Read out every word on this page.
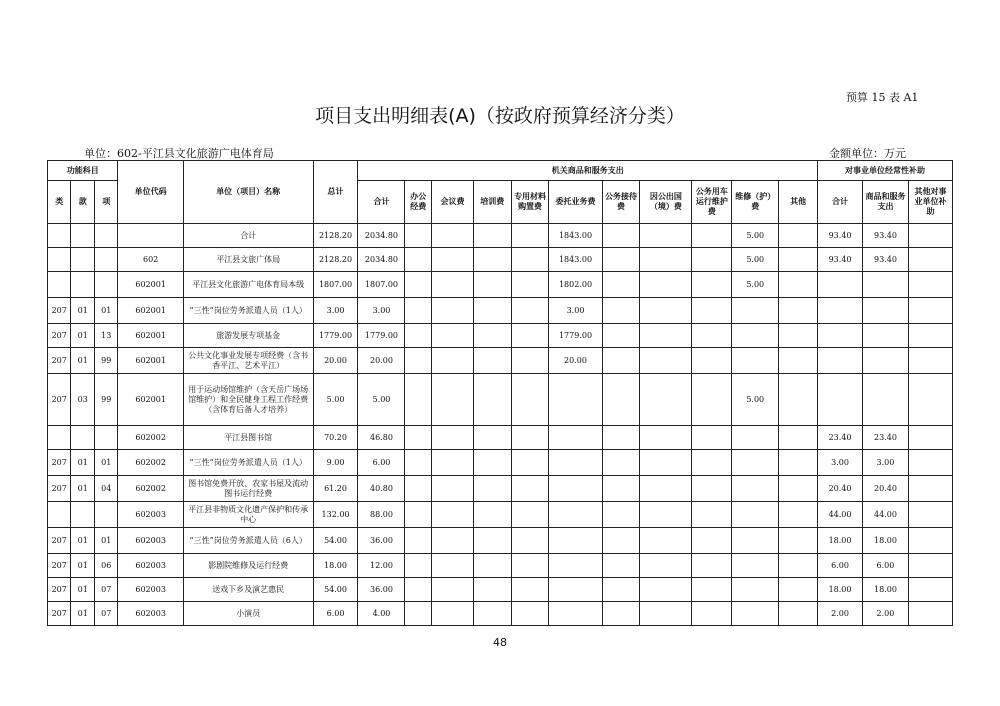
预算 15 表 A1
项目支出明细表(A)（按政府预算经济分类）
单位：602-平江县文化旅游广电体育局	金额单位：万元
功能科目			单位代码	单位（项目）名称	总计	机关商品和服务支出											对事业单位经常性补助		
类	款	项				合计	办公经费	会议费	培训费	专用材料购置费	委托业务费	公务接待费	因公出国（境）费	公务用车运行维护费	维修（护）费	其他	合计	商品和服务支出	其他对事业单位补助
				合计	2128.20	2034.80					1843.00				5.00		93.40	93.40	
			602	平江县文旅广体局	2128.20	2034.80					1843.00				5.00		93.40	93.40	
			602001	平江县文化旅游广电体育局本级	1807.00	1807.00					1802.00				5.00				
207	01	01	602001	“三性”岗位劳务派遣人员（1人）	3.00	3.00					3.00								
207	01	13	602001	旅游发展专项基金	1779.00	1779.00					1779.00								
207	01	99	602001	公共文化事业发展专项经费（含书香平江、艺术平江）	20.00	20.00					20.00								
207	03	99	602001	用于运动场馆维护（含天岳广场场馆维护）和全民健身工程工作经费（含体育后备人才培养）	5.00	5.00									5.00				
			602002	平江县图书馆	70.20	46.80											23.40	23.40	
207	01	01	602002	“三性”岗位劳务派遣人员（1人）	9.00	6.00											3.00	3.00	
207	01	04	602002	图书馆免费开放、农家书屋及流动图书运行经费	61.20	40.80											20.40	20.40	
			602003	平江县非物质文化遗产保护和传承中心	132.00	88.00											44.00	44.00	
207	01	01	602003	“三性”岗位劳务派遣人员（6人）	54.00	36.00											18.00	18.00	
207	01	06	602003	影剧院维修及运行经费	18.00	12.00											6.00	6.00	
207	01	07	602003	送戏下乡及演艺惠民	54.00	36.00											18.00	18.00	
207	01	07	602003	小演员	6.00	4.00											2.00	2.00	
48
